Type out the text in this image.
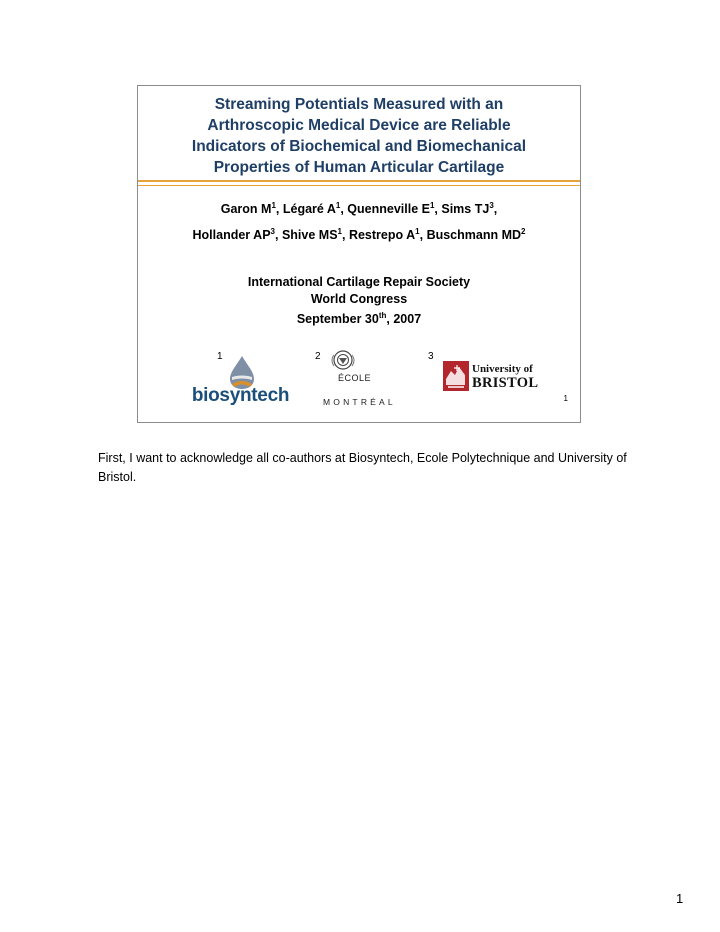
Streaming Potentials Measured with an
Arthroscopic Medical Device are Reliable
Indicators of Biochemical and Biomechanical
Properties of Human Articular Cartilage
Garon $M^1$, Légaré $A^1$, Quenneville $E^1$, Sims $TJ^3$,
Hollander $AP^3$, Shive $MS^1$, Restrepo $A^1$, Buschmann $MD^2$
International Cartilage Repair Society
World Congress
September 30th, 2007
1	2	3
biosyntech
ÉCOLE
MONTRÉAL
University of
BRISTOL
1
First, I want to acknowledge all co-authors at Biosyntech, Ecole Polytechnique and University of Bristol.
1
